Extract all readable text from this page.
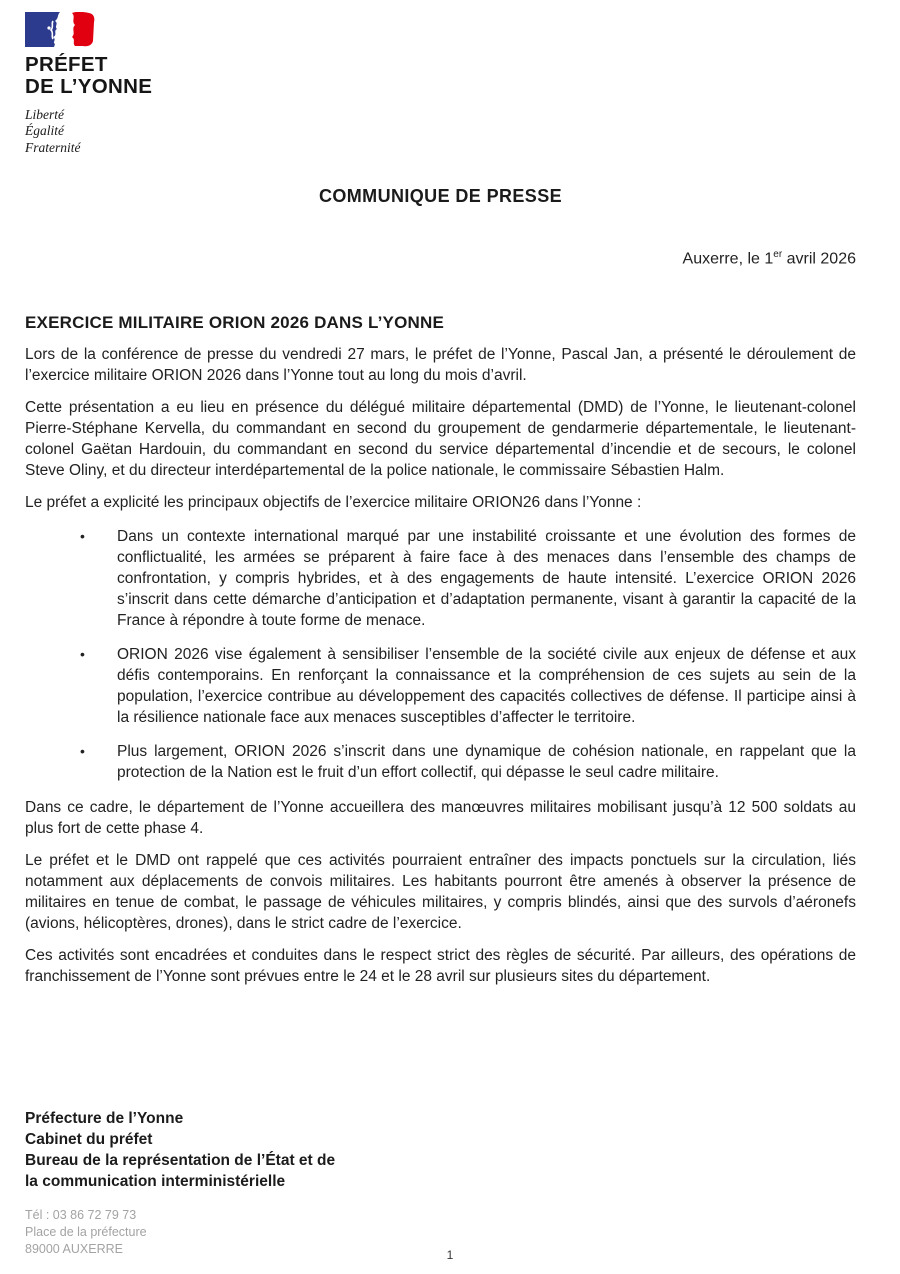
PRÉFET
DE L’YONNE
Liberté
Égalité
Fraternité
COMMUNIQUE DE PRESSE
Auxerre, le 1er avril 2026
EXERCICE MILITAIRE ORION 2026 DANS L’YONNE

Lors de la conférence de presse du vendredi 27 mars, le préfet de l’Yonne, Pascal Jan, a présenté le déroulement de l’exercice militaire ORION 2026 dans l’Yonne tout au long du mois d’avril.

Cette présentation a eu lieu en présence du délégué militaire départemental (DMD) de l’Yonne, le lieutenant-colonel Pierre-Stéphane Kervella, du commandant en second du groupement de gendarmerie départementale, le lieutenant-colonel Gaëtan Hardouin, du commandant en second du service départemental d’incendie et de secours, le colonel Steve Oliny, et du directeur interdépartemental de la police nationale, le commissaire Sébastien Halm.

Le préfet a explicité les principaux objectifs de l’exercice militaire ORION26 dans l’Yonne :

• Dans un contexte international marqué par une instabilité croissante et une évolution des formes de conflictualité, les armées se préparent à faire face à des menaces dans l’ensemble des champs de confrontation, y compris hybrides, et à des engagements de haute intensité. L’exercice ORION 2026 s’inscrit dans cette démarche d’anticipation et d’adaptation permanente, visant à garantir la capacité de la France à répondre à toute forme de menace.
• ORION 2026 vise également à sensibiliser l’ensemble de la société civile aux enjeux de défense et aux défis contemporains. En renforçant la connaissance et la compréhension de ces sujets au sein de la population, l’exercice contribue au développement des capacités collectives de défense. Il participe ainsi à la résilience nationale face aux menaces susceptibles d’affecter le territoire.
• Plus largement, ORION 2026 s’inscrit dans une dynamique de cohésion nationale, en rappelant que la protection de la Nation est le fruit d’un effort collectif, qui dépasse le seul cadre militaire.

Dans ce cadre, le département de l’Yonne accueillera des manœuvres militaires mobilisant jusqu’à 12 500 soldats au plus fort de cette phase 4.

Le préfet et le DMD ont rappelé que ces activités pourraient entraîner des impacts ponctuels sur la circulation, liés notamment aux déplacements de convois militaires. Les habitants pourront être amenés à observer la présence de militaires en tenue de combat, le passage de véhicules militaires, y compris blindés, ainsi que des survols d’aéronefs (avions, hélicoptères, drones), dans le strict cadre de l’exercice.

Ces activités sont encadrées et conduites dans le respect strict des règles de sécurité. Par ailleurs, des opérations de franchissement de l’Yonne sont prévues entre le 24 et le 28 avril sur plusieurs sites du département.

Préfecture de l’Yonne
Cabinet du préfet
Bureau de la représentation de l’État et de
la communication interministérielle
Tél : 03 86 72 79 73
Place de la préfecture
89000 AUXERRE	1
